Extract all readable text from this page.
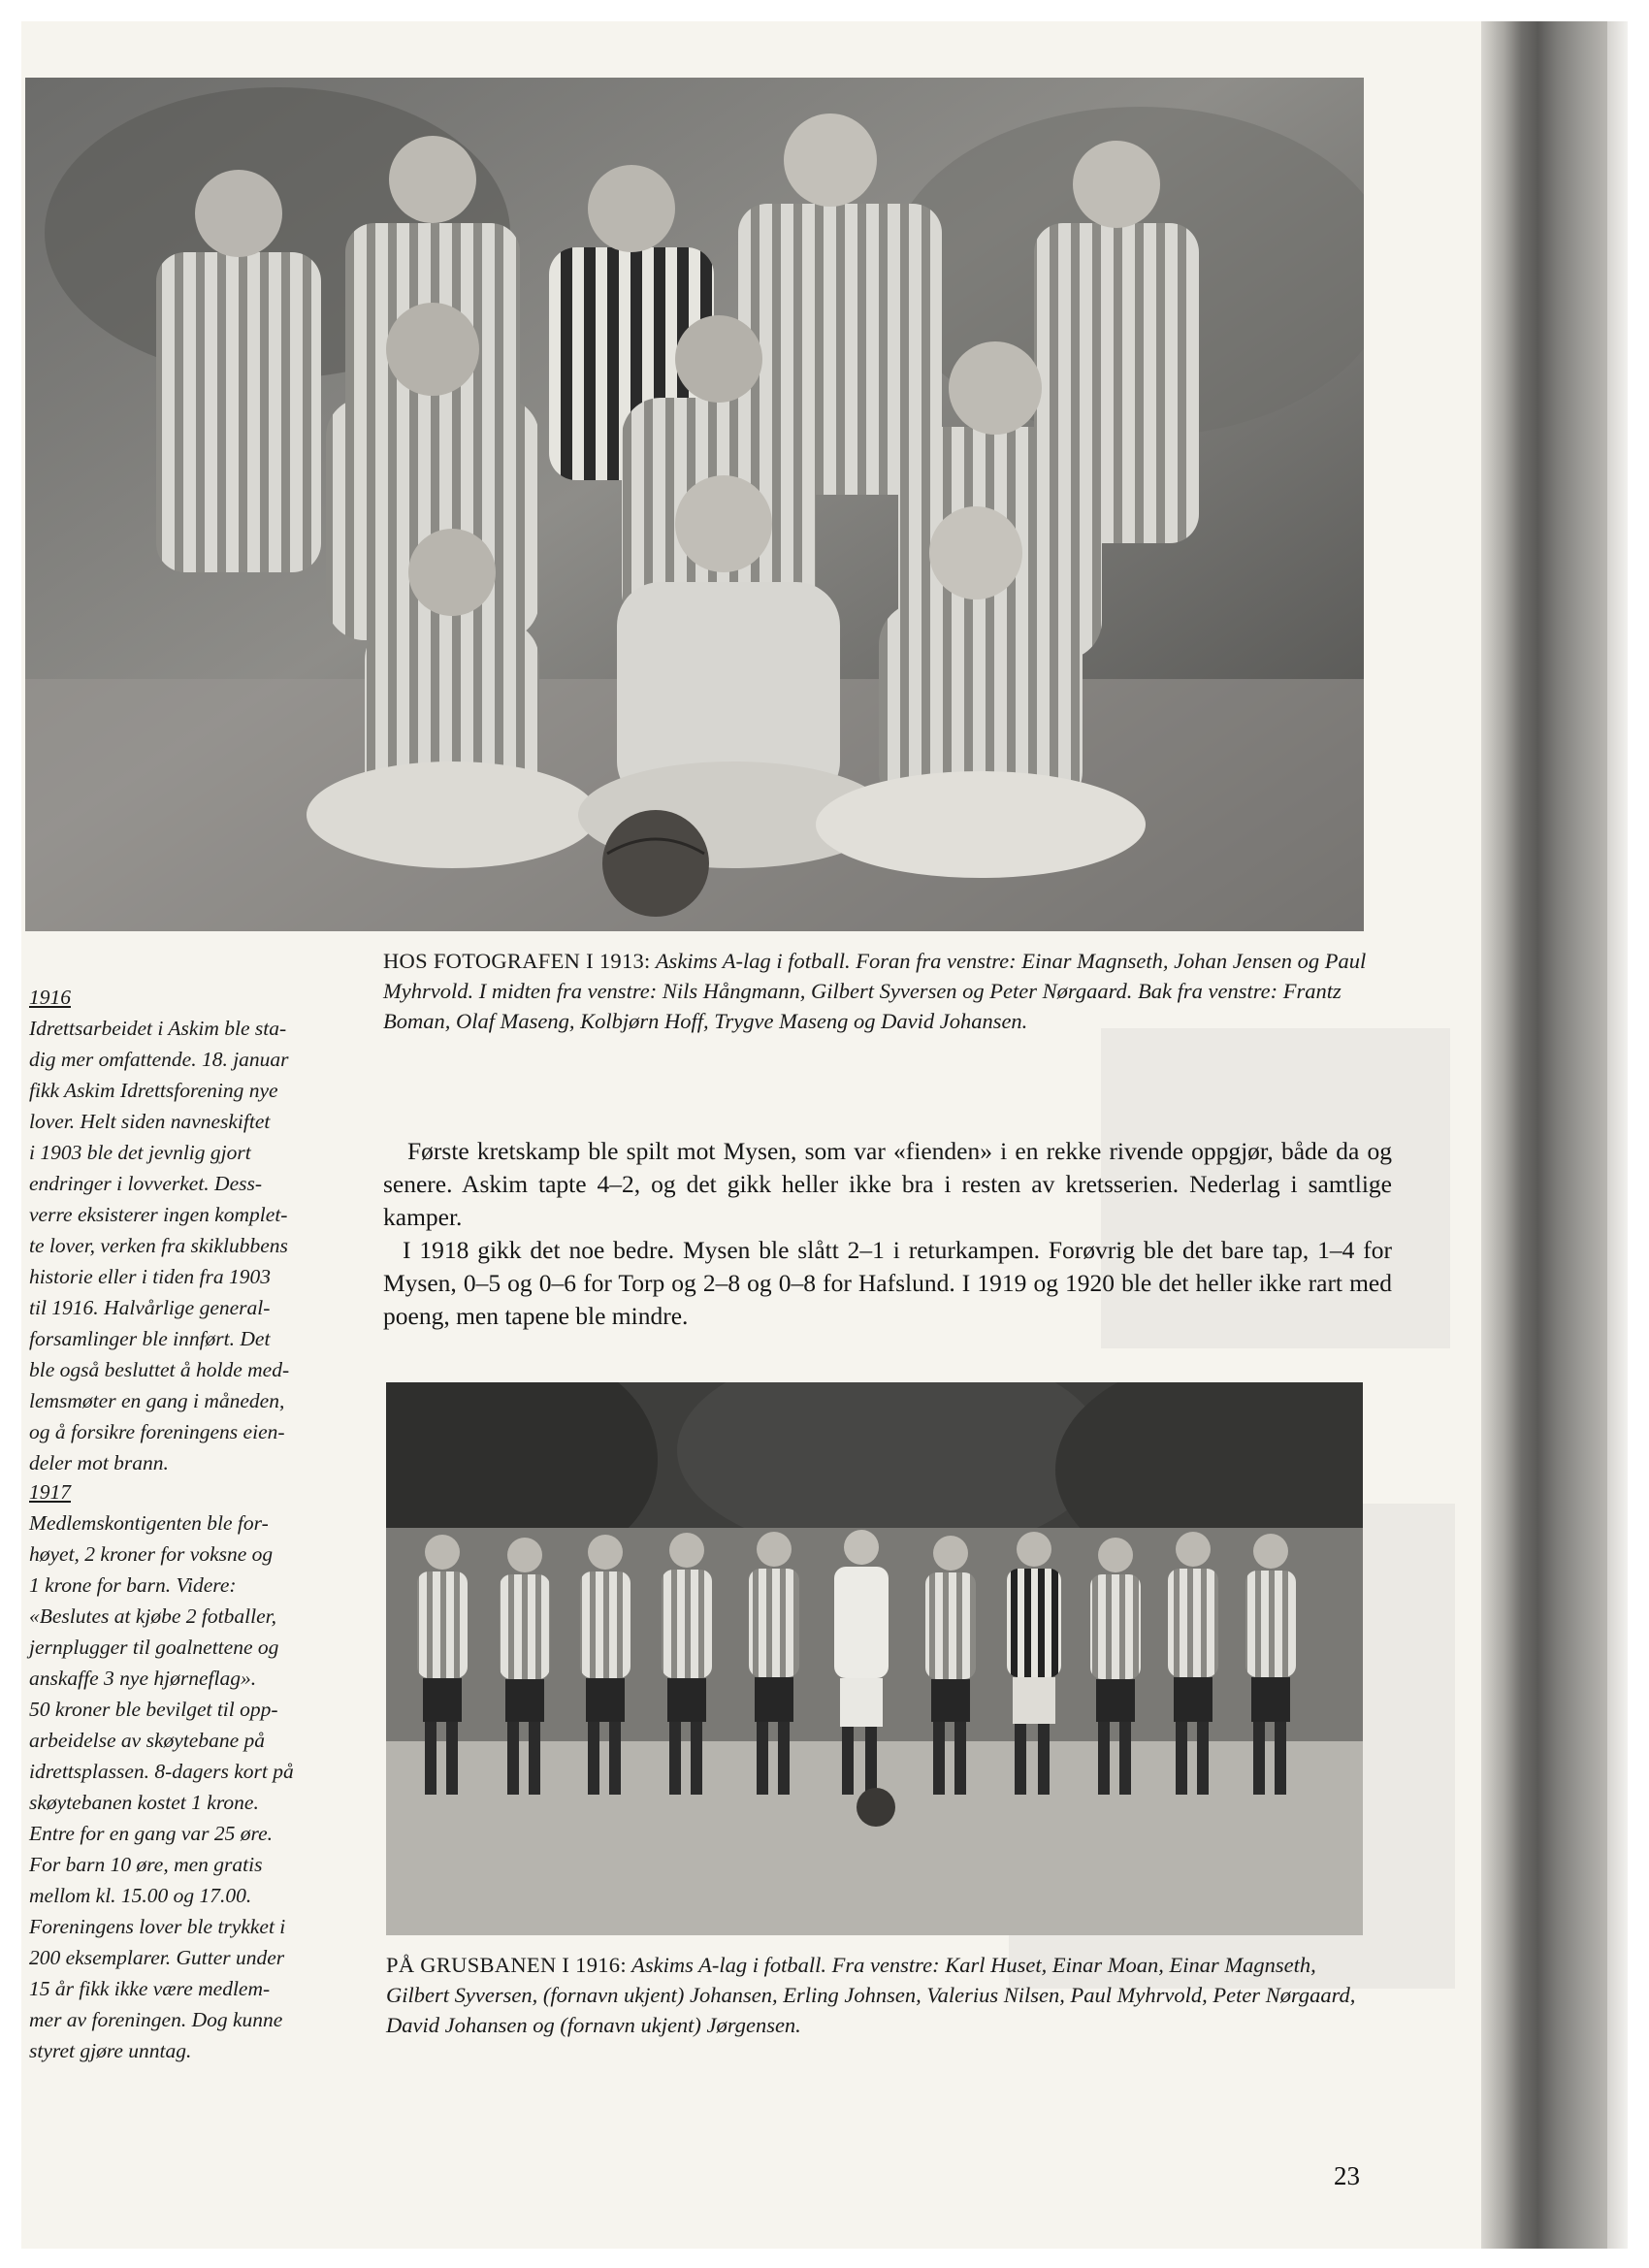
HOS FOTOGRAFEN I 1913: Askims A-lag i fotball. Foran fra venstre: Einar Magnseth, Johan Jensen og Paul Myhrvold. I midten fra venstre: Nils Hångmann, Gilbert Syversen og Peter Nørgaard. Bak fra venstre: Frantz Boman, Olaf Maseng, Kolbjørn Hoff, Trygve Maseng og David Johansen.
1916

Idrettsarbeidet i Askim ble sta-
dig mer omfattende. 18. januar
fikk Askim Idrettsforening nye
lover. Helt siden navneskiftet
i 1903 ble det jevnlig gjort
endringer i lovverket. Dess-
verre eksisterer ingen komplet-
te lover, verken fra skiklubbens
historie eller i tiden fra 1903
til 1916. Halvårlige general-
forsamlinger ble innført. Det
ble også besluttet å holde med-
lemsmøter en gang i måneden,
og å forsikre foreningens eien-
deler mot brann.

1917

Medlemskontigenten ble for-
høyet, 2 kroner for voksne og
1 krone for barn. Videre:
«Beslutes at kjøbe 2 fotballer,
jernplugger til goalnettene og
anskaffe 3 nye hjørneflag».
50 kroner ble bevilget til opp-
arbeidelse av skøytebane på
idrettsplassen. 8-dagers kort på
skøytebanen kostet 1 krone.
Entre for en gang var 25 øre.
For barn 10 øre, men gratis
mellom kl. 15.00 og 17.00.
Foreningens lover ble trykket i
200 eksemplarer. Gutter under
15 år fikk ikke være medlem-
mer av foreningen. Dog kunne
styret gjøre unntag.

Første kretskamp ble spilt mot Mysen, som var «fienden» i en rekke rivende oppgjør, både da og senere. Askim tapte 4–2, og det gikk heller ikke bra i resten av kretsserien. Nederlag i samtlige kamper.

I 1918 gikk det noe bedre. Mysen ble slått 2–1 i returkampen. Forøvrig ble det bare tap, 1–4 for Mysen, 0–5 og 0–6 for Torp og 2–8 og 0–8 for Hafslund. I 1919 og 1920 ble det heller ikke rart med poeng, men tapene ble mindre.

PÅ GRUSBANEN I 1916: Askims A-lag i fotball. Fra venstre: Karl Huset, Einar Moan, Einar Magnseth, Gilbert Syversen, (fornavn ukjent) Johansen, Erling Johnsen, Valerius Nilsen, Paul Myhrvold, Peter Nørgaard, David Johansen og (fornavn ukjent) Jørgensen.
23
